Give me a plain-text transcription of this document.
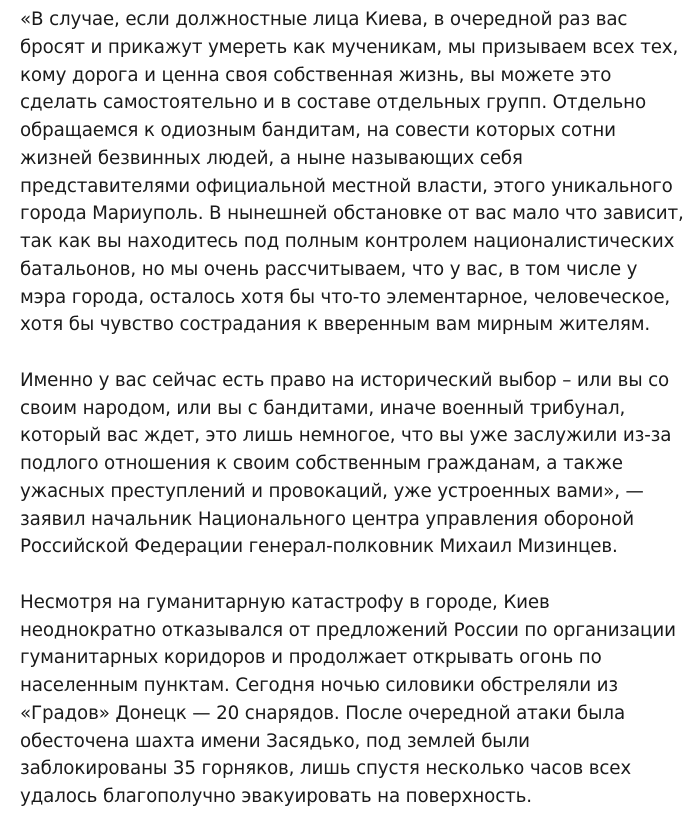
«В случае, если должностные лица Киева, в очередной раз вас
бросят и прикажут умереть как мученикам, мы призываем всех тех,
кому дорога и ценна своя собственная жизнь, вы можете это
сделать самостоятельно и в составе отдельных групп. Отдельно
обращаемся к одиозным бандитам, на совести которых сотни
жизней безвинных людей, а ныне называющих себя
представителями официальной местной власти, этого уникального
города Мариуполь. В нынешней обстановке от вас мало что зависит,
так как вы находитесь под полным контролем националистических
батальонов, но мы очень рассчитываем, что у вас, в том числе у
мэра города, осталось хотя бы что-то элементарное, человеческое,
хотя бы чувство сострадания к вверенным вам мирным жителям.

Именно у вас сейчас есть право на исторический выбор – или вы со
своим народом, или вы с бандитами, иначе военный трибунал,
который вас ждет, это лишь немногое, что вы уже заслужили из-за
подлого отношения к своим собственным гражданам, а также
ужасных преступлений и провокаций, уже устроенных вами», —
заявил начальник Национального центра управления обороной
Российской Федерации генерал-полковник Михаил Мизинцев.

Несмотря на гуманитарную катастрофу в городе, Киев
неоднократно отказывался от предложений России по организации
гуманитарных коридоров и продолжает открывать огонь по
населенным пунктам. Сегодня ночью силовики обстреляли из
«Градов» Донецк — 20 снарядов. После очередной атаки была
обесточена шахта имени Засядько, под землей были
заблокированы 35 горняков, лишь спустя несколько часов всех
удалось благополучно эвакуировать на поверхность.
